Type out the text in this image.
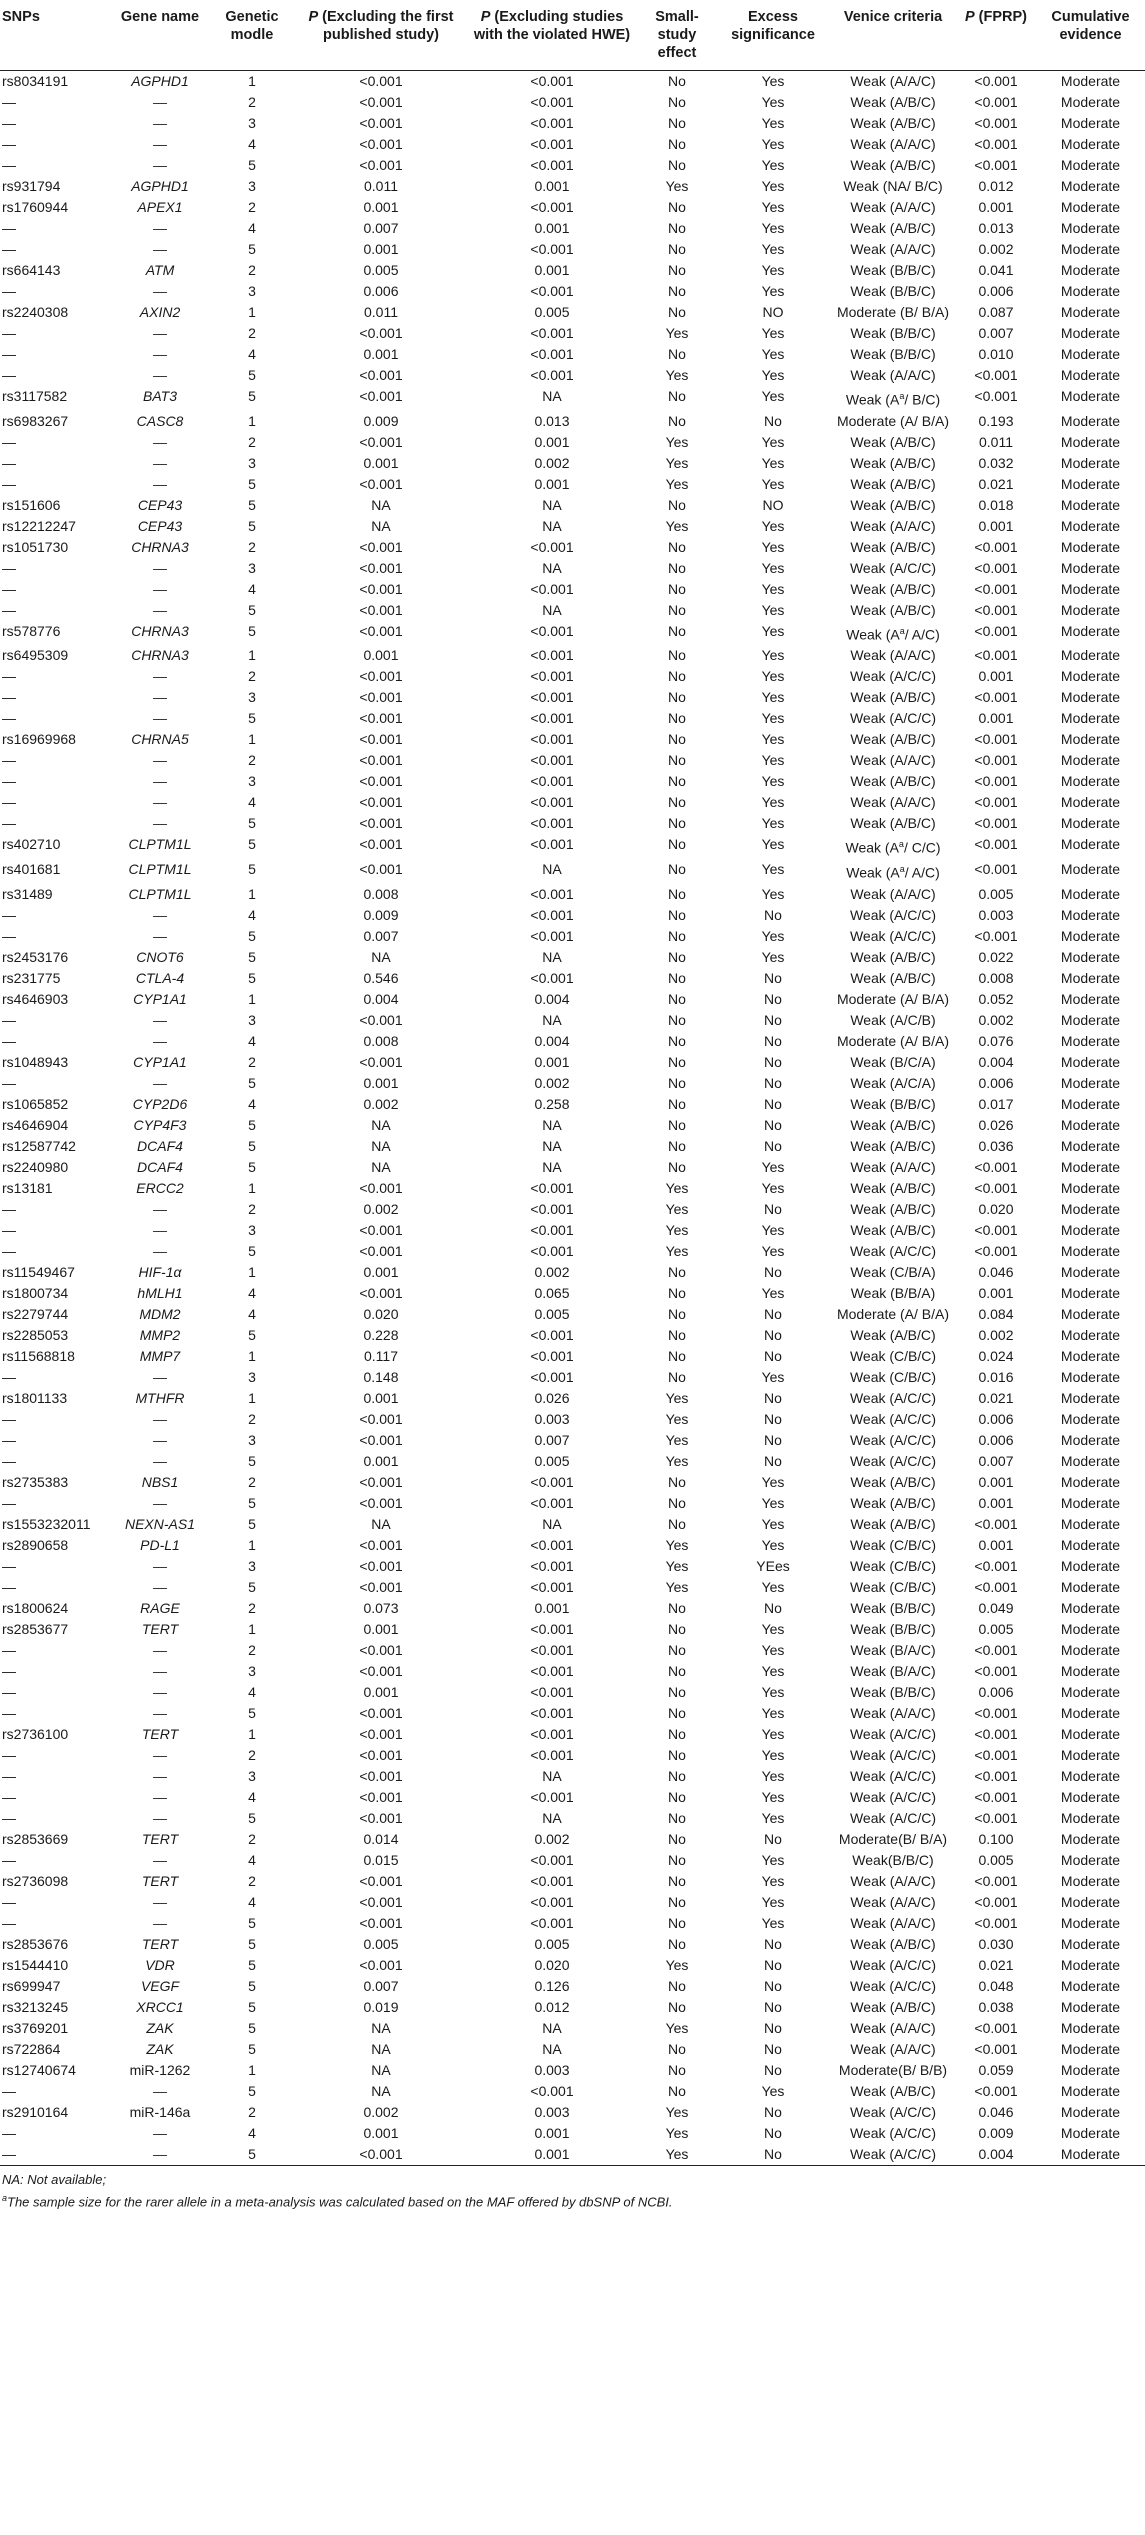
SNPs	Gene name	Genetic modle	P (Excluding the first published study)	P (Excluding studies with the violated HWE)	Small-study effect	Excess significance	Venice criteria	P (FPRP)	Cumulative evidence
rs8034191	AGPHD1	1	<0.001	<0.001	No	Yes	Weak (A/A/C)	<0.001	Moderate
—	—	2	<0.001	<0.001	No	Yes	Weak (A/B/C)	<0.001	Moderate
—	—	3	<0.001	<0.001	No	Yes	Weak (A/B/C)	<0.001	Moderate
—	—	4	<0.001	<0.001	No	Yes	Weak (A/A/C)	<0.001	Moderate
—	—	5	<0.001	<0.001	No	Yes	Weak (A/B/C)	<0.001	Moderate
rs931794	AGPHD1	3	0.011	0.001	Yes	Yes	Weak (NA/ B/C)	0.012	Moderate
rs1760944	APEX1	2	0.001	<0.001	No	Yes	Weak (A/A/C)	0.001	Moderate
—	—	4	0.007	0.001	No	Yes	Weak (A/B/C)	0.013	Moderate
—	—	5	0.001	<0.001	No	Yes	Weak (A/A/C)	0.002	Moderate
rs664143	ATM	2	0.005	0.001	No	Yes	Weak (B/B/C)	0.041	Moderate
—	—	3	0.006	<0.001	No	Yes	Weak (B/B/C)	0.006	Moderate
rs2240308	AXIN2	1	0.011	0.005	No	NO	Moderate (B/ B/A)	0.087	Moderate
—	—	2	<0.001	<0.001	Yes	Yes	Weak (B/B/C)	0.007	Moderate
—	—	4	0.001	<0.001	No	Yes	Weak (B/B/C)	0.010	Moderate
—	—	5	<0.001	<0.001	Yes	Yes	Weak (A/A/C)	<0.001	Moderate
rs3117582	BAT3	5	<0.001	NA	No	Yes	Weak ($A^a/$ B/C)	<0.001	Moderate
rs6983267	CASC8	1	0.009	0.013	No	No	Moderate (A/ B/A)	0.193	Moderate
—	—	2	<0.001	0.001	Yes	Yes	Weak (A/B/C)	0.011	Moderate
—	—	3	0.001	0.002	Yes	Yes	Weak (A/B/C)	0.032	Moderate
—	—	5	<0.001	0.001	Yes	Yes	Weak (A/B/C)	0.021	Moderate
rs151606	CEP43	5	NA	NA	No	NO	Weak (A/B/C)	0.018	Moderate
rs12212247	CEP43	5	NA	NA	Yes	Yes	Weak (A/A/C)	0.001	Moderate
rs1051730	CHRNA3	2	<0.001	<0.001	No	Yes	Weak (A/B/C)	<0.001	Moderate
—	—	3	<0.001	NA	No	Yes	Weak (A/C/C)	<0.001	Moderate
—	—	4	<0.001	<0.001	No	Yes	Weak (A/B/C)	<0.001	Moderate
—	—	5	<0.001	NA	No	Yes	Weak (A/B/C)	<0.001	Moderate
rs578776	CHRNA3	5	<0.001	<0.001	No	Yes	Weak ($A^a/$ A/C)	<0.001	Moderate
rs6495309	CHRNA3	1	0.001	<0.001	No	Yes	Weak (A/A/C)	<0.001	Moderate
—	—	2	<0.001	<0.001	No	Yes	Weak (A/C/C)	0.001	Moderate
—	—	3	<0.001	<0.001	No	Yes	Weak (A/B/C)	<0.001	Moderate
—	—	5	<0.001	<0.001	No	Yes	Weak (A/C/C)	0.001	Moderate
rs16969968	CHRNA5	1	<0.001	<0.001	No	Yes	Weak (A/B/C)	<0.001	Moderate
—	—	2	<0.001	<0.001	No	Yes	Weak (A/A/C)	<0.001	Moderate
—	—	3	<0.001	<0.001	No	Yes	Weak (A/B/C)	<0.001	Moderate
—	—	4	<0.001	<0.001	No	Yes	Weak (A/A/C)	<0.001	Moderate
—	—	5	<0.001	<0.001	No	Yes	Weak (A/B/C)	<0.001	Moderate
rs402710	CLPTM1L	5	<0.001	<0.001	No	Yes	Weak ($A^a/$ C/C)	<0.001	Moderate
rs401681	CLPTM1L	5	<0.001	NA	No	Yes	Weak ($A^a/$ A/C)	<0.001	Moderate
rs31489	CLPTM1L	1	0.008	<0.001	No	Yes	Weak (A/A/C)	0.005	Moderate
—	—	4	0.009	<0.001	No	No	Weak (A/C/C)	0.003	Moderate
—	—	5	0.007	<0.001	No	Yes	Weak (A/C/C)	<0.001	Moderate
rs2453176	CNOT6	5	NA	NA	No	Yes	Weak (A/B/C)	0.022	Moderate
rs231775	CTLA-4	5	0.546	<0.001	No	No	Weak (A/B/C)	0.008	Moderate
rs4646903	CYP1A1	1	0.004	0.004	No	No	Moderate (A/ B/A)	0.052	Moderate
—	—	3	<0.001	NA	No	No	Weak (A/C/B)	0.002	Moderate
—	—	4	0.008	0.004	No	No	Moderate (A/ B/A)	0.076	Moderate
rs1048943	CYP1A1	2	<0.001	0.001	No	No	Weak (B/C/A)	0.004	Moderate
—	—	5	0.001	0.002	No	No	Weak (A/C/A)	0.006	Moderate
rs1065852	CYP2D6	4	0.002	0.258	No	No	Weak (B/B/C)	0.017	Moderate
rs4646904	CYP4F3	5	NA	NA	No	No	Weak (A/B/C)	0.026	Moderate
rs12587742	DCAF4	5	NA	NA	No	No	Weak (A/B/C)	0.036	Moderate
rs2240980	DCAF4	5	NA	NA	No	Yes	Weak (A/A/C)	<0.001	Moderate
rs13181	ERCC2	1	<0.001	<0.001	Yes	Yes	Weak (A/B/C)	<0.001	Moderate
—	—	2	0.002	<0.001	Yes	No	Weak (A/B/C)	0.020	Moderate
—	—	3	<0.001	<0.001	Yes	Yes	Weak (A/B/C)	<0.001	Moderate
—	—	5	<0.001	<0.001	Yes	Yes	Weak (A/C/C)	<0.001	Moderate
rs11549467	HIF-1α	1	0.001	0.002	No	No	Weak (C/B/A)	0.046	Moderate
rs1800734	hMLH1	4	<0.001	0.065	No	Yes	Weak (B/B/A)	0.001	Moderate
rs2279744	MDM2	4	0.020	0.005	No	No	Moderate (A/ B/A)	0.084	Moderate
rs2285053	MMP2	5	0.228	<0.001	No	No	Weak (A/B/C)	0.002	Moderate
rs11568818	MMP7	1	0.117	<0.001	No	No	Weak (C/B/C)	0.024	Moderate
—	—	3	0.148	<0.001	No	Yes	Weak (C/B/C)	0.016	Moderate
rs1801133	MTHFR	1	0.001	0.026	Yes	No	Weak (A/C/C)	0.021	Moderate
—	—	2	<0.001	0.003	Yes	No	Weak (A/C/C)	0.006	Moderate
—	—	3	<0.001	0.007	Yes	No	Weak (A/C/C)	0.006	Moderate
—	—	5	0.001	0.005	Yes	No	Weak (A/C/C)	0.007	Moderate
rs2735383	NBS1	2	<0.001	<0.001	No	Yes	Weak (A/B/C)	0.001	Moderate
—	—	5	<0.001	<0.001	No	Yes	Weak (A/B/C)	0.001	Moderate
rs1553232011	NEXN-AS1	5	NA	NA	No	Yes	Weak (A/B/C)	<0.001	Moderate
rs2890658	PD-L1	1	<0.001	<0.001	Yes	Yes	Weak (C/B/C)	0.001	Moderate
—	—	3	<0.001	<0.001	Yes	YEes	Weak (C/B/C)	<0.001	Moderate
—	—	5	<0.001	<0.001	Yes	Yes	Weak (C/B/C)	<0.001	Moderate
rs1800624	RAGE	2	0.073	0.001	No	No	Weak (B/B/C)	0.049	Moderate
rs2853677	TERT	1	0.001	<0.001	No	Yes	Weak (B/B/C)	0.005	Moderate
—	—	2	<0.001	<0.001	No	Yes	Weak (B/A/C)	<0.001	Moderate
—	—	3	<0.001	<0.001	No	Yes	Weak (B/A/C)	<0.001	Moderate
—	—	4	0.001	<0.001	No	Yes	Weak (B/B/C)	0.006	Moderate
—	—	5	<0.001	<0.001	No	Yes	Weak (A/A/C)	<0.001	Moderate
rs2736100	TERT	1	<0.001	<0.001	No	Yes	Weak (A/C/C)	<0.001	Moderate
—	—	2	<0.001	<0.001	No	Yes	Weak (A/C/C)	<0.001	Moderate
—	—	3	<0.001	NA	No	Yes	Weak (A/C/C)	<0.001	Moderate
—	—	4	<0.001	<0.001	No	Yes	Weak (A/C/C)	<0.001	Moderate
—	—	5	<0.001	NA	No	Yes	Weak (A/C/C)	<0.001	Moderate
rs2853669	TERT	2	0.014	0.002	No	No	Moderate(B/ B/A)	0.100	Moderate
—	—	4	0.015	<0.001	No	Yes	Weak(B/B/C)	0.005	Moderate
rs2736098	TERT	2	<0.001	<0.001	No	Yes	Weak (A/A/C)	<0.001	Moderate
—	—	4	<0.001	<0.001	No	Yes	Weak (A/A/C)	<0.001	Moderate
—	—	5	<0.001	<0.001	No	Yes	Weak (A/A/C)	<0.001	Moderate
rs2853676	TERT	5	0.005	0.005	No	No	Weak (A/B/C)	0.030	Moderate
rs1544410	VDR	5	<0.001	0.020	Yes	No	Weak (A/C/C)	0.021	Moderate
rs699947	VEGF	5	0.007	0.126	No	No	Weak (A/C/C)	0.048	Moderate
rs3213245	XRCC1	5	0.019	0.012	No	No	Weak (A/B/C)	0.038	Moderate
rs3769201	ZAK	5	NA	NA	Yes	No	Weak (A/A/C)	<0.001	Moderate
rs722864	ZAK	5	NA	NA	No	No	Weak (A/A/C)	<0.001	Moderate
rs12740674	miR-1262	1	NA	0.003	No	No	Moderate(B/ B/B)	0.059	Moderate
—	—	5	NA	<0.001	No	Yes	Weak (A/B/C)	<0.001	Moderate
rs2910164	miR-146a	2	0.002	0.003	Yes	No	Weak (A/C/C)	0.046	Moderate
—	—	4	0.001	0.001	Yes	No	Weak (A/C/C)	0.009	Moderate
—	—	5	<0.001	0.001	Yes	No	Weak (A/C/C)	0.004	Moderate
NA: Not available;
$^a$The sample size for the rarer allele in a meta-analysis was calculated based on the MAF offered by dbSNP of NCBI.
